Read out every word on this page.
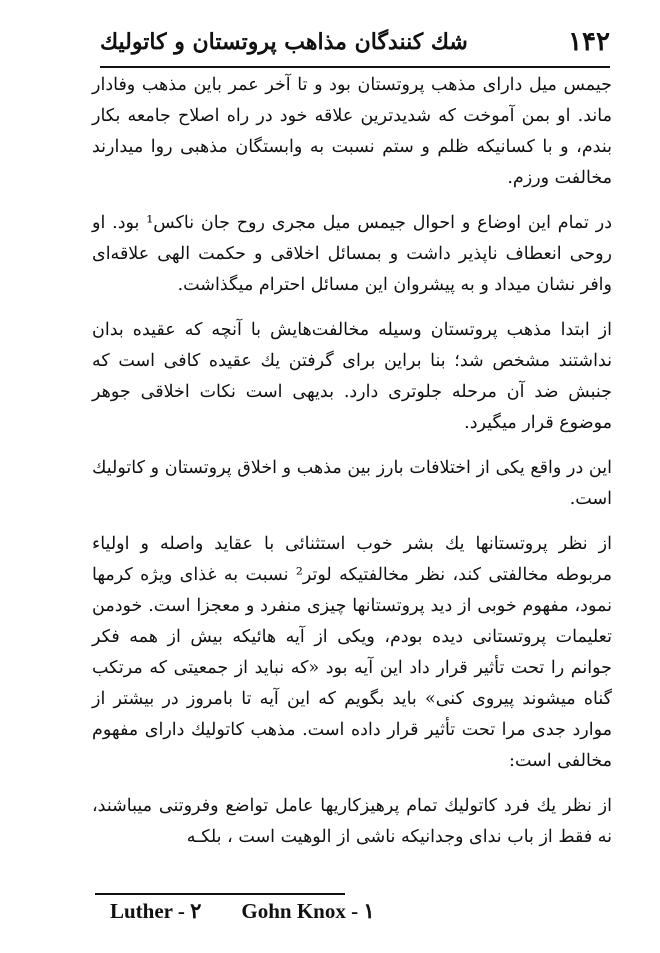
۱۴۲
شك كنندگان مذاهب پروتستان و كاتوليك

جيمس ميل داراى مذهب پروتستان بود و تا آخر عمر باين مذهب وفادار ماند. او بمن آموخت كه شديدترين علاقه خود در راه اصلاح جامعه بكار بندم، و با كسانيكه ظلم و ستم نسبت به وابستگان مذهبى روا ميدارند مخالفت ورزم.

در تمام اين اوضاع و احوال جيمس ميل مجرى روح جان ناكس¹ بود. او روحى انعطاف ناپذير داشت و بمسائل اخلاقى و حكمت الهى علاقه‌اى وافر نشان ميداد و به پيشروان اين مسائل احترام ميگذاشت.

از ابتدا مذهب پروتستان وسيله مخالفت‌هايش با آنچه كه عقيده بدان نداشتند مشخص شد؛ بنا براين براى گرفتن يك عقيده كافى است كه جنبش ضد آن مرحله جلوترى دارد. بديهى است نكات اخلاقى جوهر موضوع قرار ميگيرد.

اين در واقع يكى از اختلافات بارز بين مذهب و اخلاق پروتستان و كاتوليك است.

از نظر پروتستانها يك بشر خوب استثنائى با عقايد واصله و اولياء مربوطه مخالفتى كند، نظر مخالفتيكه لوتر² نسبت به غذاى ويژه كرمها نمود، مفهوم خوبى از ديد پروتستانها چيزى منفرد و معجزا است. خودمن تعليمات پروتستانى ديده بودم، ويكى از آيه هائيكه بيش از همه فكر جوانم را تحت تأثير قرار داد اين آيه بود «كه نبايد از جمعيتى كه مرتكب گناه ميشوند پيروى كنى» بايد بگويم كه اين آيه تا بامروز در بيشتر از موارد جدى مرا تحت تأثير قرار داده است. مذهب كاتوليك داراى مفهوم مخالفى است:

از نظر يك فرد كاتوليك تمام پرهيزكاريها عامل تواضع وفروتنى ميباشند، نه فقط از باب نداى وجدانيكه ناشى از الوهيت است ، بلكـه

Luther - ۲ Gohn Knox - ۱
